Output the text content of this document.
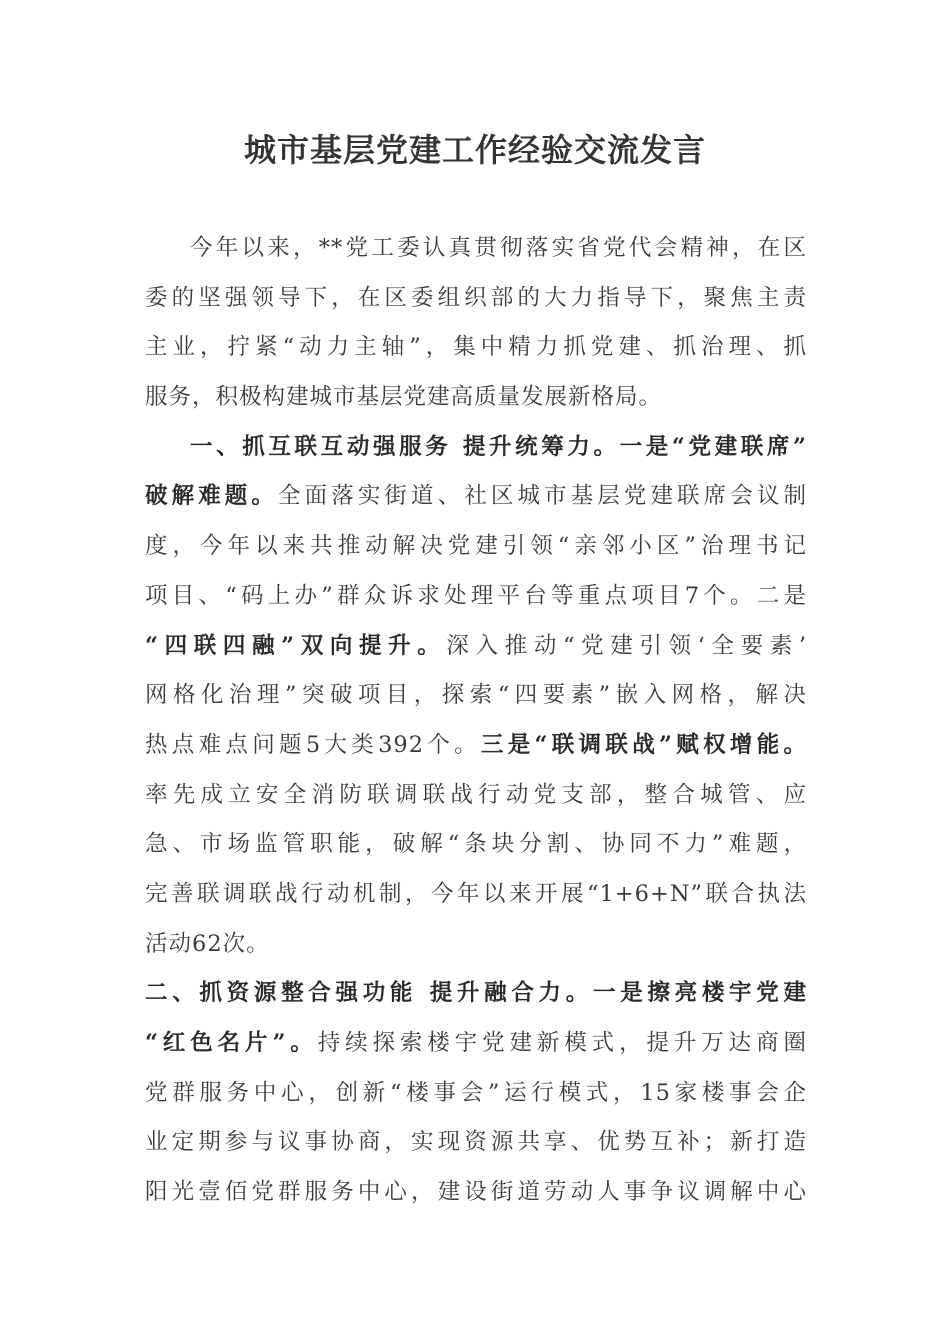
城市基层党建工作经验交流发言
今年以来，**党工委认真贯彻落实省党代会精神，在区
委的坚强领导下，在区委组织部的大力指导下，聚焦主责
主业，拧紧“动力主轴”，集中精力抓党建、抓治理、抓
服务，积极构建城市基层党建高质量发展新格局。
一、抓互联互动强服务 提升统筹力。一是“党建联席”
破解难题。全面落实街道、社区城市基层党建联席会议制
度，今年以来共推动解决党建引领“亲邻小区”治理书记
项目、“码上办”群众诉求处理平台等重点项目7个。二是
“四联四融”双向提升。深入推动“党建引领‘全要素’
网格化治理”突破项目，探索“四要素”嵌入网格，解决
热点难点问题5大类392个。三是“联调联战”赋权增能。
率先成立安全消防联调联战行动党支部，整合城管、应
急、市场监管职能，破解“条块分割、协同不力”难题，
完善联调联战行动机制，今年以来开展“1+6+N”联合执法
活动62次。
二、抓资源整合强功能 提升融合力。一是擦亮楼宇党建
“红色名片”。持续探索楼宇党建新模式，提升万达商圈
党群服务中心，创新“楼事会”运行模式，15家楼事会企
业定期参与议事协商，实现资源共享、优势互补；新打造
阳光壹佰党群服务中心，建设街道劳动人事争议调解中心
